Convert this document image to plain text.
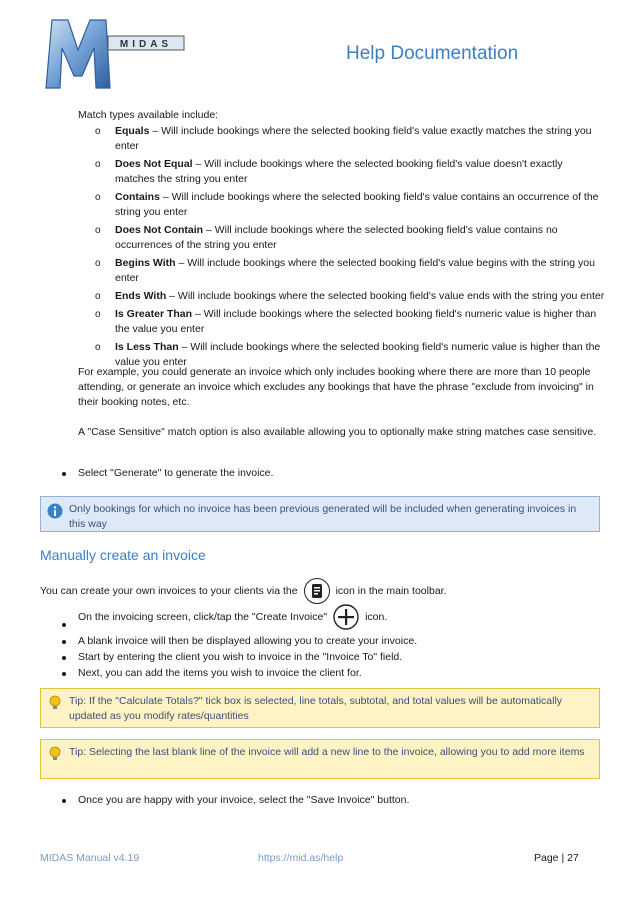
MIDAS	Help Documentation
Match types available include:
o	Equals – Will include bookings where the selected booking field's value exactly matches the string you enter
o	Does Not Equal – Will include bookings where the selected booking field's value doesn't exactly matches the string you enter
o	Contains – Will include bookings where the selected booking field's value contains an occurrence of the string you enter
o	Does Not Contain – Will include bookings where the selected booking field's value contains no occurrences of the string you enter
o	Begins With – Will include bookings where the selected booking field's value begins with the string you enter
o	Ends With – Will include bookings where the selected booking field's value ends with the string you enter
o	Is Greater Than – Will include bookings where the selected booking field's numeric value is higher than the value you enter
o	Is Less Than – Will include bookings where the selected booking field's numeric value is higher than the value you enter
For example, you could generate an invoice which only includes booking where there are more than 10 people attending, or generate an invoice which excludes any bookings that have the phrase "exclude from invoicing" in their booking notes, etc.
A "Case Sensitive" match option is also available allowing you to optionally make string matches case sensitive.
Select "Generate" to generate the invoice.
Only bookings for which no invoice has been previous generated will be included when generating invoices in this way
Manually create an invoice
You can create your own invoices to your clients via the	icon in the main toolbar.
On the invoicing screen, click/tap the "Create Invoice"	icon.
A blank invoice will then be displayed allowing you to create your invoice.
Start by entering the client you wish to invoice in the "Invoice To" field.
Next, you can add the items you wish to invoice the client for.
Tip: If the "Calculate Totals?" tick box is selected, line totals, subtotal, and total values will be automatically updated as you modify rates/quantities
Tip: Selecting the last blank line of the invoice will add a new line to the invoice, allowing you to add more items
Once you are happy with your invoice, select the "Save Invoice" button.
MIDAS Manual v4.19	https://mid.as/help	Page | 27
